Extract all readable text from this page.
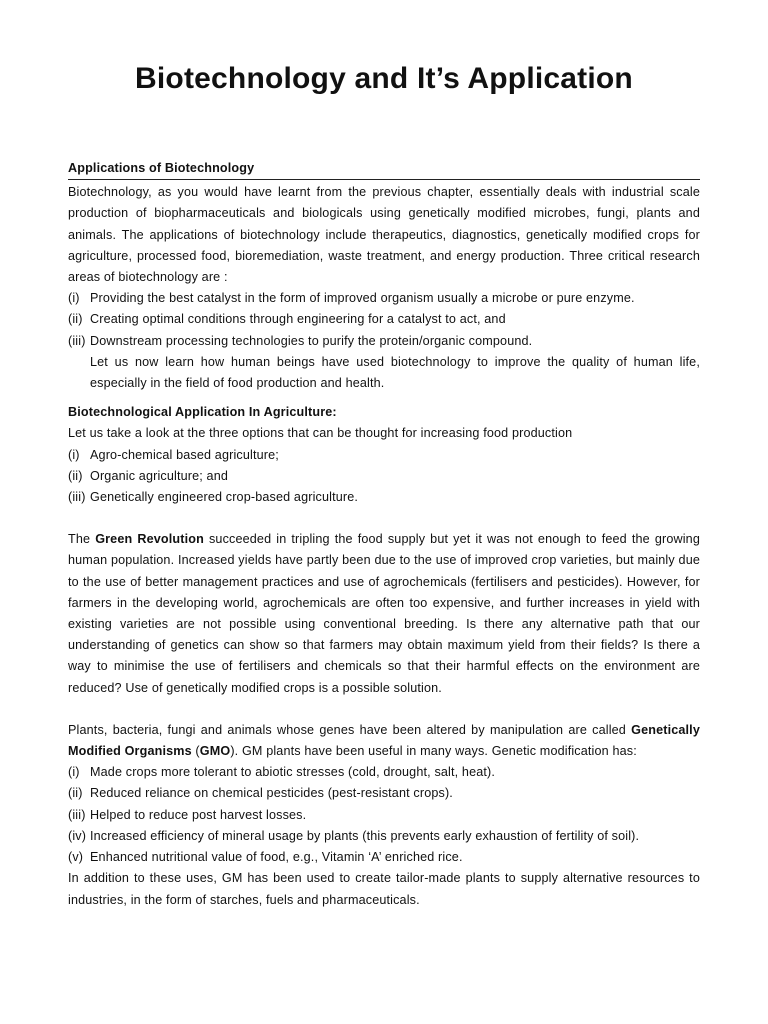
Biotechnology and It’s Application
Applications of Biotechnology

Biotechnology, as you would have learnt from the previous chapter, essentially deals with industrial scale production of biopharmaceuticals and biologicals using genetically modified microbes, fungi, plants and animals. The applications of biotechnology include therapeutics, diagnostics, genetically modified crops for agriculture, processed food, bioremediation, waste treatment, and energy production. Three critical research areas of biotechnology are :

(i) Providing the best catalyst in the form of improved organism usually a microbe or pure enzyme.
(ii) Creating optimal conditions through engineering for a catalyst to act, and
(iii) Downstream processing technologies to purify the protein/organic compound.

Let us now learn how human beings have used biotechnology to improve the quality of human life, especially in the field of food production and health.

Biotechnological Application In Agriculture:

Let us take a look at the three options that can be thought for increasing food production

(i) Agro-chemical based agriculture;
(ii) Organic agriculture; and
(iii) Genetically engineered crop-based agriculture.

The Green Revolution succeeded in tripling the food supply but yet it was not enough to feed the growing human population. Increased yields have partly been due to the use of improved crop varieties, but mainly due to the use of better management practices and use of agrochemicals (fertilisers and pesticides). However, for farmers in the developing world, agrochemicals are often too expensive, and further increases in yield with existing varieties are not possible using conventional breeding. Is there any alternative path that our understanding of genetics can show so that farmers may obtain maximum yield from their fields? Is there a way to minimise the use of fertilisers and chemicals so that their harmful effects on the environment are reduced? Use of genetically modified crops is a possible solution.

Plants, bacteria, fungi and animals whose genes have been altered by manipulation are called Genetically Modified Organisms (GMO). GM plants have been useful in many ways. Genetic modification has:

(i) Made crops more tolerant to abiotic stresses (cold, drought, salt, heat).
(ii) Reduced reliance on chemical pesticides (pest-resistant crops).
(iii) Helped to reduce post harvest losses.
(iv) Increased efficiency of mineral usage by plants (this prevents early exhaustion of fertility of soil).
(v) Enhanced nutritional value of food, e.g., Vitamin ‘A’ enriched rice.

In addition to these uses, GM has been used to create tailor-made plants to supply alternative resources to industries, in the form of starches, fuels and pharmaceuticals.
